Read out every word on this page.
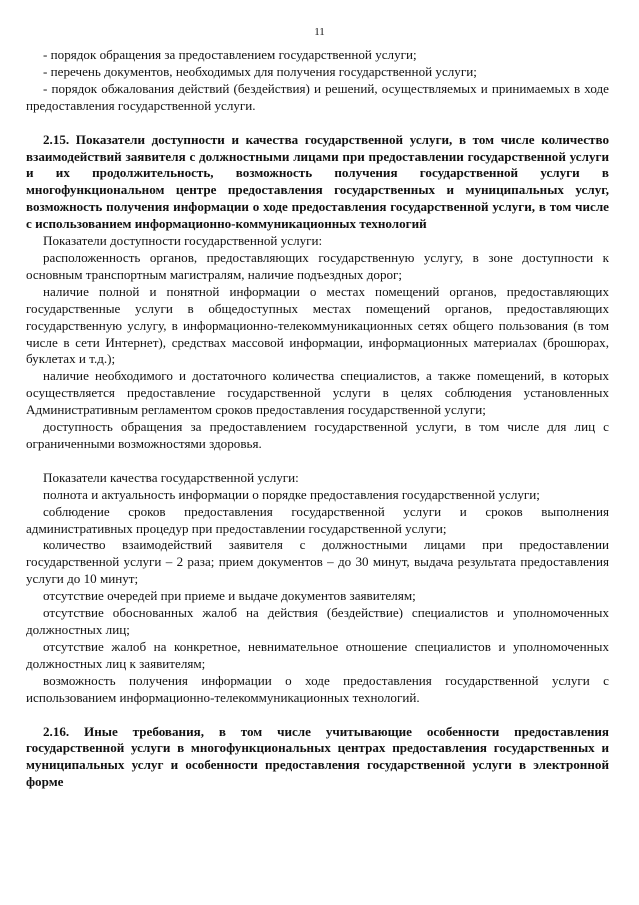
11

- порядок обращения за предоставлением государственной услуги;

- перечень документов, необходимых для получения государственной услуги;

- порядок обжалования действий (бездействия) и решений, осуществляемых и принимаемых в ходе предоставления государственной услуги.

2.15. Показатели доступности и качества государственной услуги, в том числе количество взаимодействий заявителя с должностными лицами при предоставлении государственной услуги и их продолжительность, возможность получения государственной услуги в многофункциональном центре предоставления государственных и муниципальных услуг, возможность получения информации о ходе предоставления государственной услуги, в том числе с использованием информационно-коммуникационных технологий

Показатели доступности государственной услуги:

расположенность органов, предоставляющих государственную услугу, в зоне доступности к основным транспортным магистралям, наличие подъездных дорог;

наличие полной и понятной информации о местах помещений органов, предоставляющих государственные услуги в общедоступных местах помещений органов, предоставляющих государственную услугу, в информационно-телекоммуникационных сетях общего пользования (в том числе в сети Интернет), средствах массовой информации, информационных материалах (брошюрах, буклетах и т.д.);

наличие необходимого и достаточного количества специалистов, а также помещений, в которых осуществляется предоставление государственной услуги в целях соблюдения установленных Административным регламентом сроков предоставления государственной услуги;

доступность обращения за предоставлением государственной услуги, в том числе для лиц с ограниченными возможностями здоровья.

Показатели качества государственной услуги:

полнота и актуальность информации о порядке предоставления государственной услуги;

соблюдение сроков предоставления государственной услуги и сроков выполнения административных процедур при предоставлении государственной услуги;

количество взаимодействий заявителя с должностными лицами при предоставлении государственной услуги – 2 раза; прием документов – до 30 минут, выдача результата предоставления услуги до 10 минут;

отсутствие очередей при приеме и выдаче документов заявителям;

отсутствие обоснованных жалоб на действия (бездействие) специалистов и уполномоченных должностных лиц;

отсутствие жалоб на конкретное, невнимательное отношение специалистов и уполномоченных должностных лиц к заявителям;

возможность получения информации о ходе предоставления государственной услуги с использованием информационно-телекоммуникационных технологий.

2.16. Иные требования, в том числе учитывающие особенности предоставления государственной услуги в многофункциональных центрах предоставления государственных и муниципальных услуг и особенности предоставления государственной услуги в электронной форме
